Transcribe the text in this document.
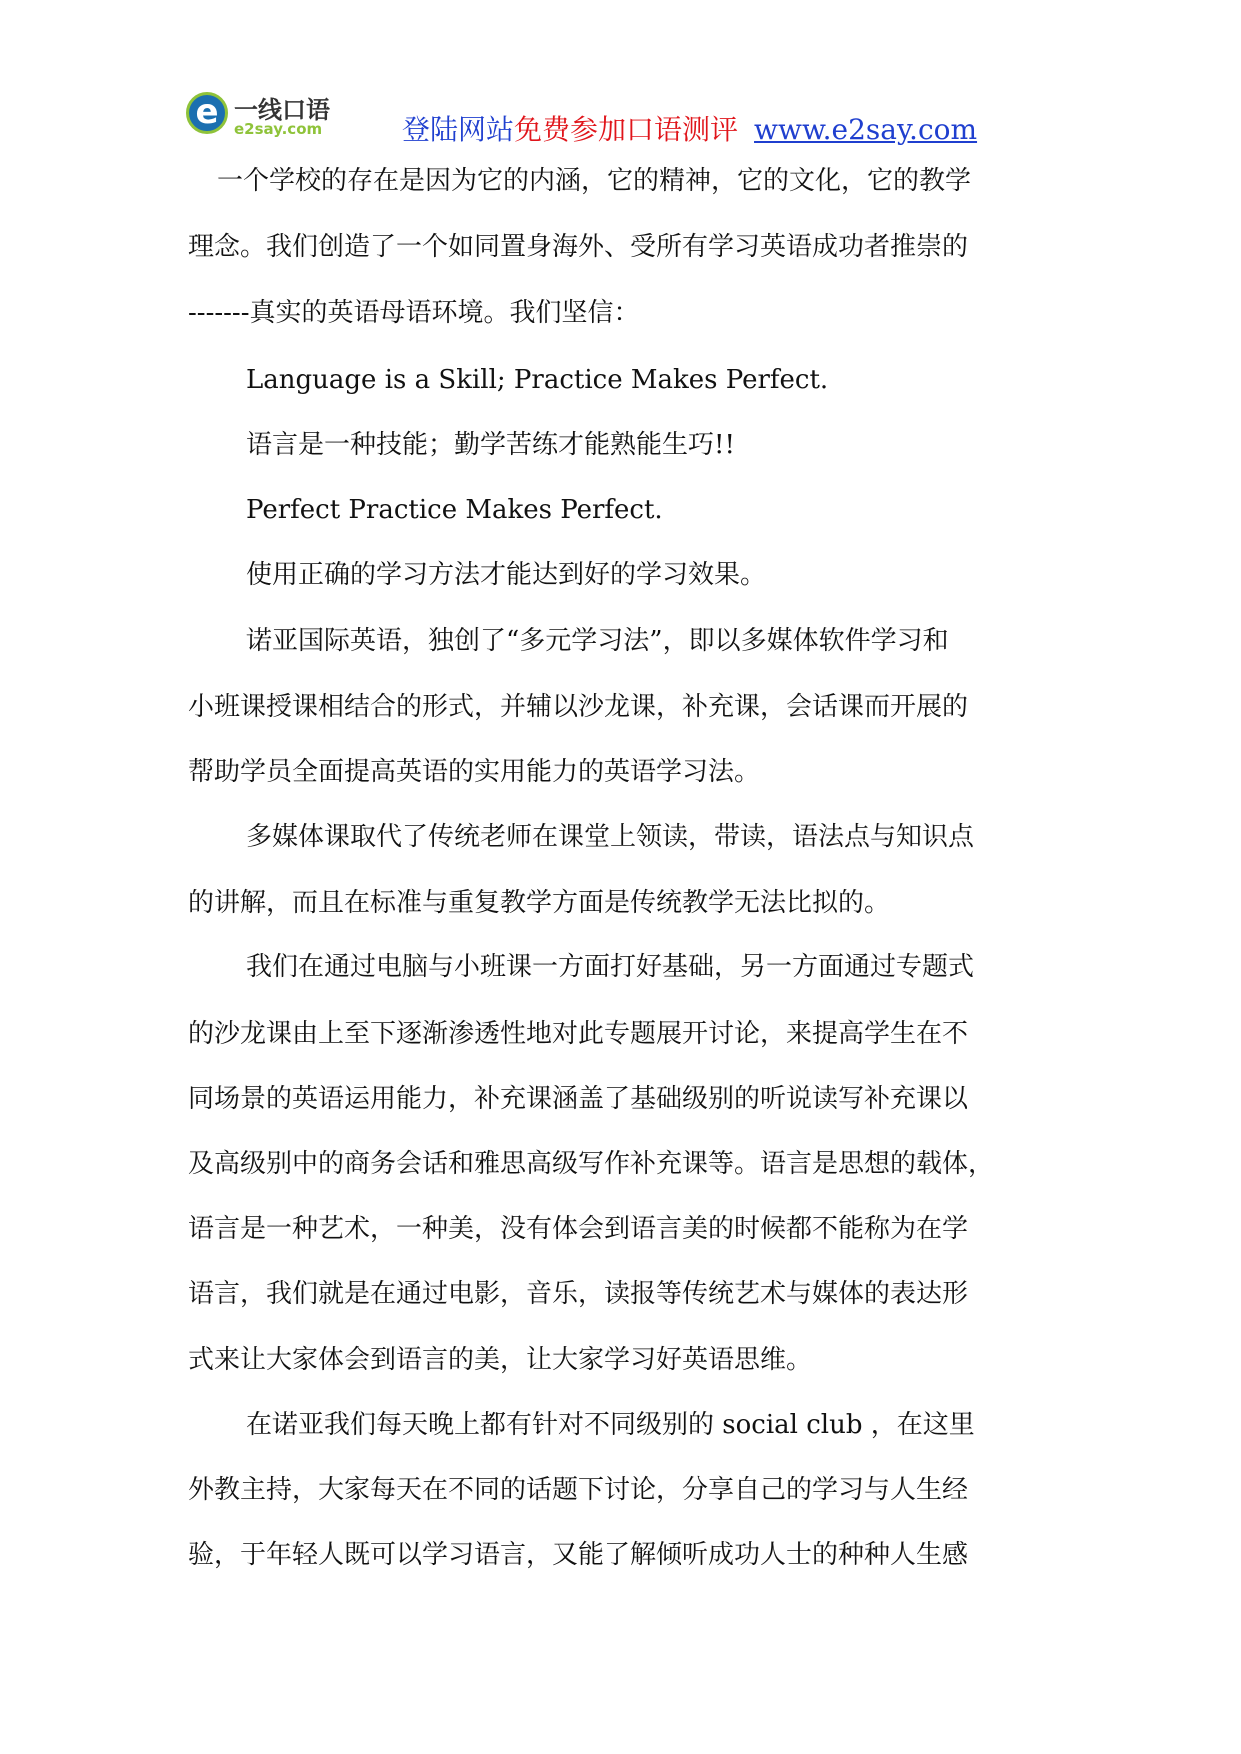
e 一线口语
e2say.com	登陆网站免费参加口语测评 www.e2say.com
一个学校的存在是因为它的内涵，它的精神，它的文化，它的教学
理念。我们创造了一个如同置身海外、受所有学习英语成功者推崇的
-------真实的英语母语环境。我们坚信：
Language is a Skill; Practice Makes Perfect.
语言是一种技能；勤学苦练才能熟能生巧!!
Perfect Practice Makes Perfect.
使用正确的学习方法才能达到好的学习效果。
诺亚国际英语，独创了“多元学习法”，即以多媒体软件学习和
小班课授课相结合的形式，并辅以沙龙课，补充课，会话课而开展的
帮助学员全面提高英语的实用能力的英语学习法。
多媒体课取代了传统老师在课堂上领读，带读，语法点与知识点
的讲解，而且在标准与重复教学方面是传统教学无法比拟的。
我们在通过电脑与小班课一方面打好基础，另一方面通过专题式
的沙龙课由上至下逐渐渗透性地对此专题展开讨论，来提高学生在不
同场景的英语运用能力，补充课涵盖了基础级别的听说读写补充课以
及高级别中的商务会话和雅思高级写作补充课等。语言是思想的载体，
语言是一种艺术，一种美，没有体会到语言美的时候都不能称为在学
语言，我们就是在通过电影，音乐，读报等传统艺术与媒体的表达形
式来让大家体会到语言的美，让大家学习好英语思维。
在诺亚我们每天晚上都有针对不同级别的 social club ，在这里
外教主持，大家每天在不同的话题下讨论，分享自己的学习与人生经
验，于年轻人既可以学习语言，又能了解倾听成功人士的种种人生感
